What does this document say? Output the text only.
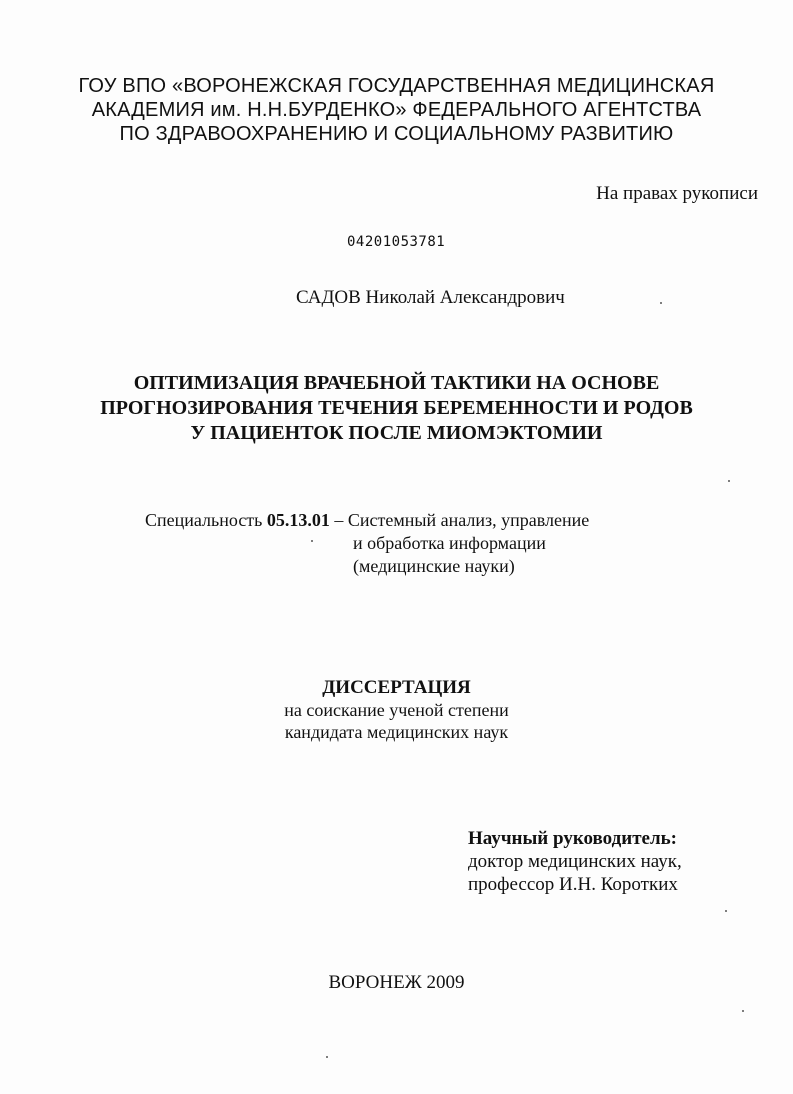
ГОУ ВПО «ВОРОНЕЖСКАЯ ГОСУДАРСТВЕННАЯ МЕДИЦИНСКАЯ
АКАДЕМИЯ им. Н.Н.БУРДЕНКО» ФЕДЕРАЛЬНОГО АГЕНТСТВА
ПО ЗДРАВООХРАНЕНИЮ И СОЦИАЛЬНОМУ РАЗВИТИЮ
На правах рукописи
04201053781
САДОВ Николай Александрович
ОПТИМИЗАЦИЯ ВРАЧЕБНОЙ ТАКТИКИ НА ОСНОВЕ
ПРОГНОЗИРОВАНИЯ ТЕЧЕНИЯ БЕРЕМЕННОСТИ И РОДОВ
У ПАЦИЕНТОК ПОСЛЕ МИОМЭКТОМИИ
Специальность 05.13.01 – Системный анализ, управление
и обработка информации
(медицинские науки)
ДИССЕРТАЦИЯ
на соискание ученой степени
кандидата медицинских наук
Научный руководитель:
доктор медицинских наук,
профессор И.Н. Коротких
ВОРОНЕЖ 2009
